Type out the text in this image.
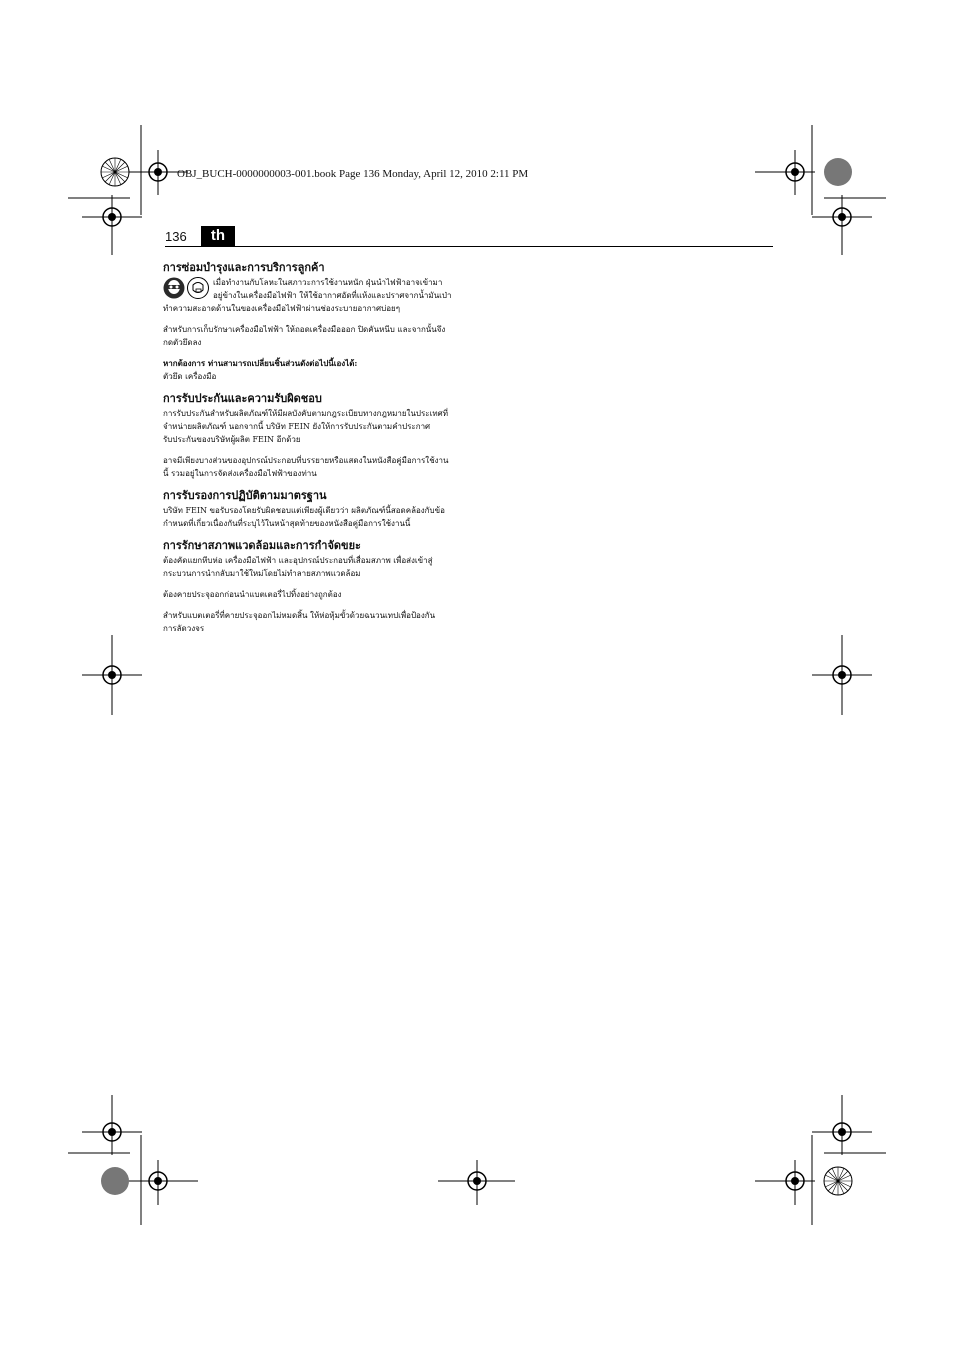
OBJ_BUCH-0000000003-001.book Page 136 Monday, April 12, 2010 2:11 PM
136	th

การซ่อมบำรุงและการบริการลูกค้า

เมื่อทำงานกับโลหะในสภาวะการใช้งานหนัก ฝุ่นนำไฟฟ้าอาจเข้ามา

อยู่ข้างในเครื่องมือไฟฟ้า ให้ใช้อากาศอัดที่แห้งและปราศจากน้ำมันเป่า

ทำความสะอาดด้านในของเครื่องมือไฟฟ้าผ่านช่องระบายอากาศบ่อยๆ

สำหรับการเก็บรักษาเครื่องมือไฟฟ้า ให้ถอดเครื่องมือออก ปิดคันหนีบ และจากนั้นจึง

กดตัวยึดลง

หากต้องการ ท่านสามารถเปลี่ยนชิ้นส่วนดังต่อไปนี้เองได้:

ตัวยึด เครื่องมือ

การรับประกันและความรับผิดชอบ

การรับประกันสำหรับผลิตภัณฑ์ให้มีผลบังคับตามกฎระเบียบทางกฎหมายในประเทศที่

จำหน่ายผลิตภัณฑ์ นอกจากนี้ บริษัท FEIN ยังให้การรับประกันตามคำประกาศ

รับประกันของบริษัทผู้ผลิต FEIN อีกด้วย

อาจมีเพียงบางส่วนของอุปกรณ์ประกอบที่บรรยายหรือแสดงในหนังสือคู่มือการใช้งาน

นี้ รวมอยู่ในการจัดส่งเครื่องมือไฟฟ้าของท่าน

การรับรองการปฏิบัติตามมาตรฐาน

บริษัท FEIN ขอรับรองโดยรับผิดชอบแต่เพียงผู้เดียวว่า ผลิตภัณฑ์นี้สอดคล้องกับข้อ

กำหนดที่เกี่ยวเนื่องกันที่ระบุไว้ในหน้าสุดท้ายของหนังสือคู่มือการใช้งานนี้

การรักษาสภาพแวดล้อมและการกำจัดขยะ

ต้องคัดแยกหีบห่อ เครื่องมือไฟฟ้า และอุปกรณ์ประกอบที่เสื่อมสภาพ เพื่อส่งเข้าสู่

กระบวนการนำกลับมาใช้ใหม่โดยไม่ทำลายสภาพแวดล้อม

ต้องคายประจุออกก่อนนำแบตเตอรี่ไปทิ้งอย่างถูกต้อง

สำหรับแบตเตอรี่ที่คายประจุออกไม่หมดสิ้น ให้ห่อหุ้มขั้วด้วยฉนวนเทปเพื่อป้องกัน

การลัดวงจร
